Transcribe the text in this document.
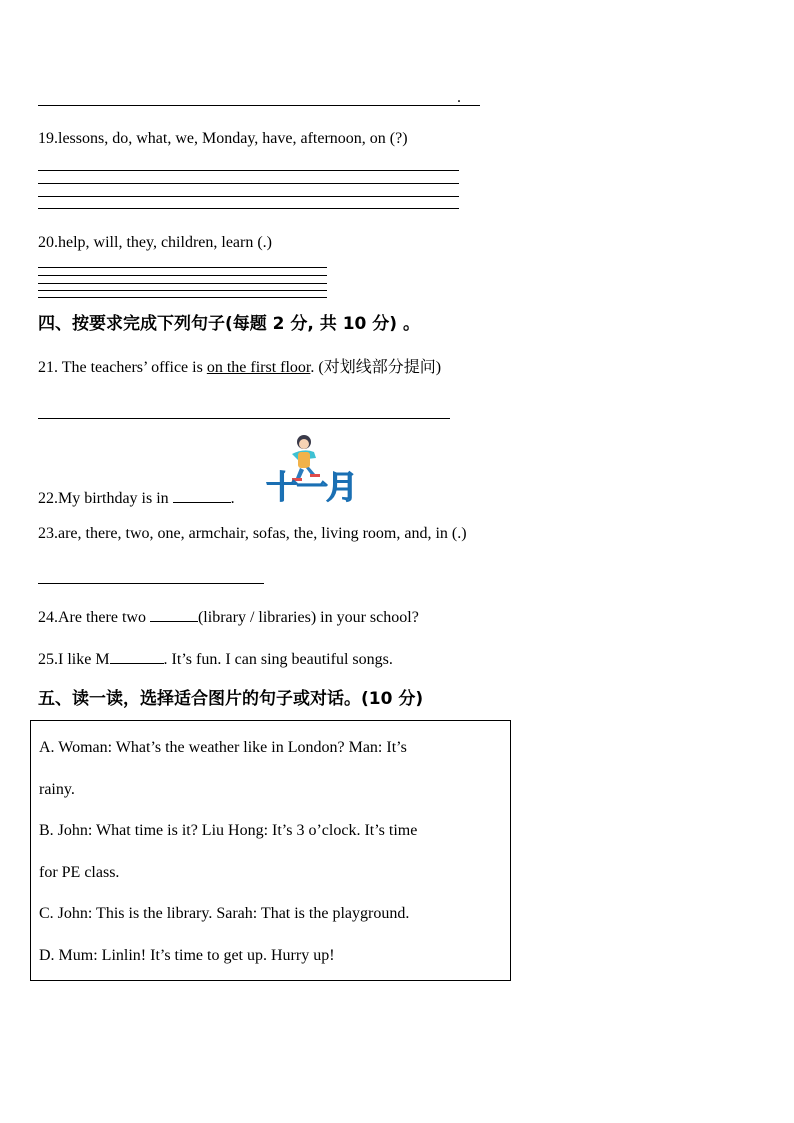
.
19.lessons, do, what, we, Monday, have, afternoon, on (?)
20.help, will, they, children, learn (.)
四、按要求完成下列句子(每题 2 分, 共 10 分) 。
21. The teachers’ office is on the first floor. (对划线部分提问)
22.My birthday is in	. 十一月
23.are, there, two, one, armchair, sofas, the, living room, and, in (.)
24.Are there two	(library / libraries) in your school?
25.I like M	. It’s fun. I can sing beautiful songs.
五、读一读，选择适合图片的句子或对话。(10 分)
A. Woman: What’s the weather like in London? Man: It’s
rainy.
B. John: What time is it? Liu Hong: It’s 3 o’clock. It’s time
for PE class.
C. John: This is the library. Sarah: That is the playground.
D. Mum: Linlin! It’s time to get up. Hurry up!
